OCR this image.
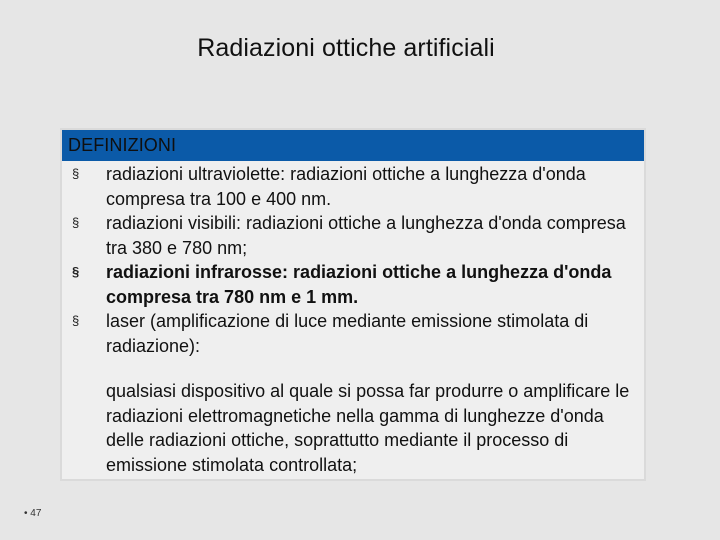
Radiazioni ottiche artificiali
DEFINIZIONI
§ radiazioni ultraviolette: radiazioni ottiche a lunghezza d'onda compresa tra 100 e 400 nm.
§ radiazioni visibili: radiazioni ottiche a lunghezza d'onda compresa tra 380 e 780 nm;
§ radiazioni infrarosse: radiazioni ottiche a lunghezza d'onda compresa tra 780 nm e 1 mm.
§ laser (amplificazione di luce mediante emissione stimolata di radiazione):
qualsiasi dispositivo al quale si possa far produrre o amplificare le radiazioni elettromagnetiche nella gamma di lunghezze d'onda delle radiazioni ottiche, soprattutto mediante il processo di emissione stimolata controllata;
• 47
